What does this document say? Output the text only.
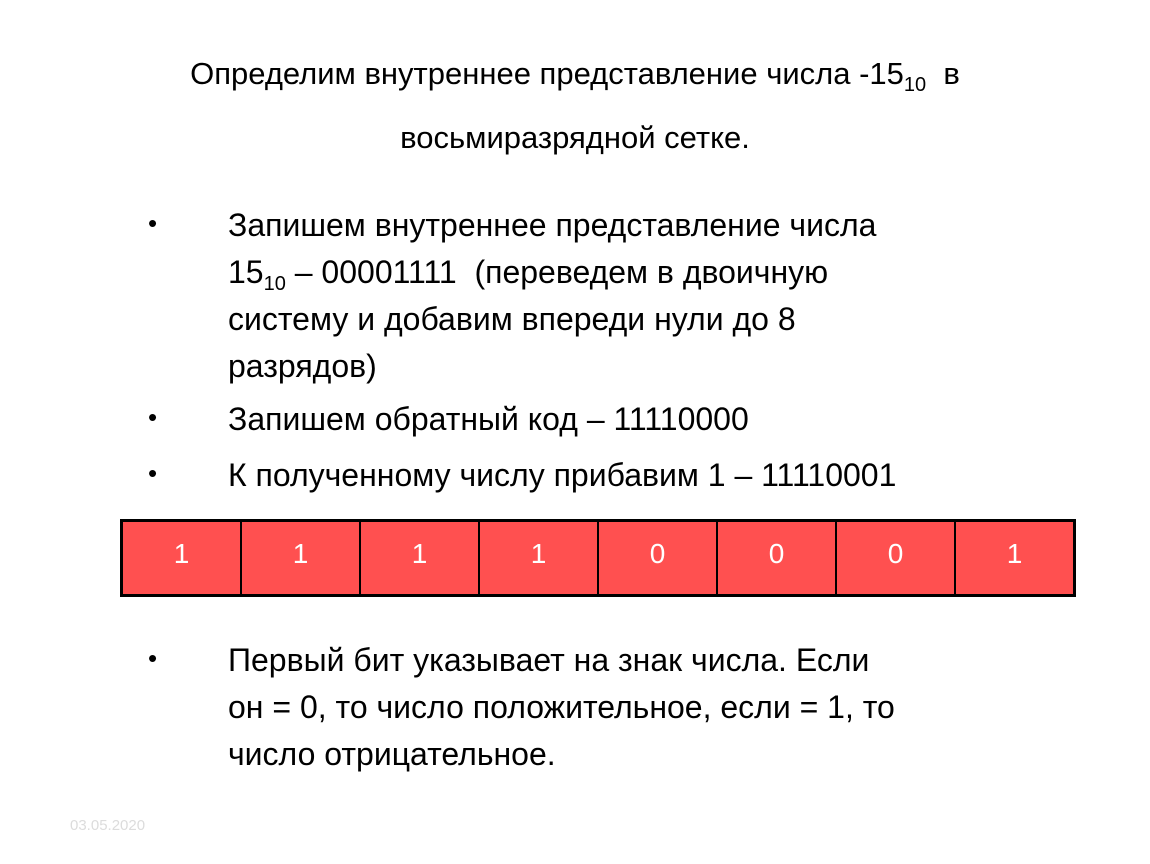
Определим внутреннее представление числа $-15_{10}$ в
восьмиразрядной сетке.
• Запишем внутреннее представление числа
$15_{10} - 00001111$  (переведем в двоичную
систему и добавим впереди нули до 8
разрядов)
• Запишем обратный код – 11110000
• К полученному числу прибавим 1 – 11110001
1	1	1	1	0	0	0	1
• Первый бит указывает на знак числа. Если
он = 0, то число положительное, если = 1, то
число отрицательное.
03.05.2020
